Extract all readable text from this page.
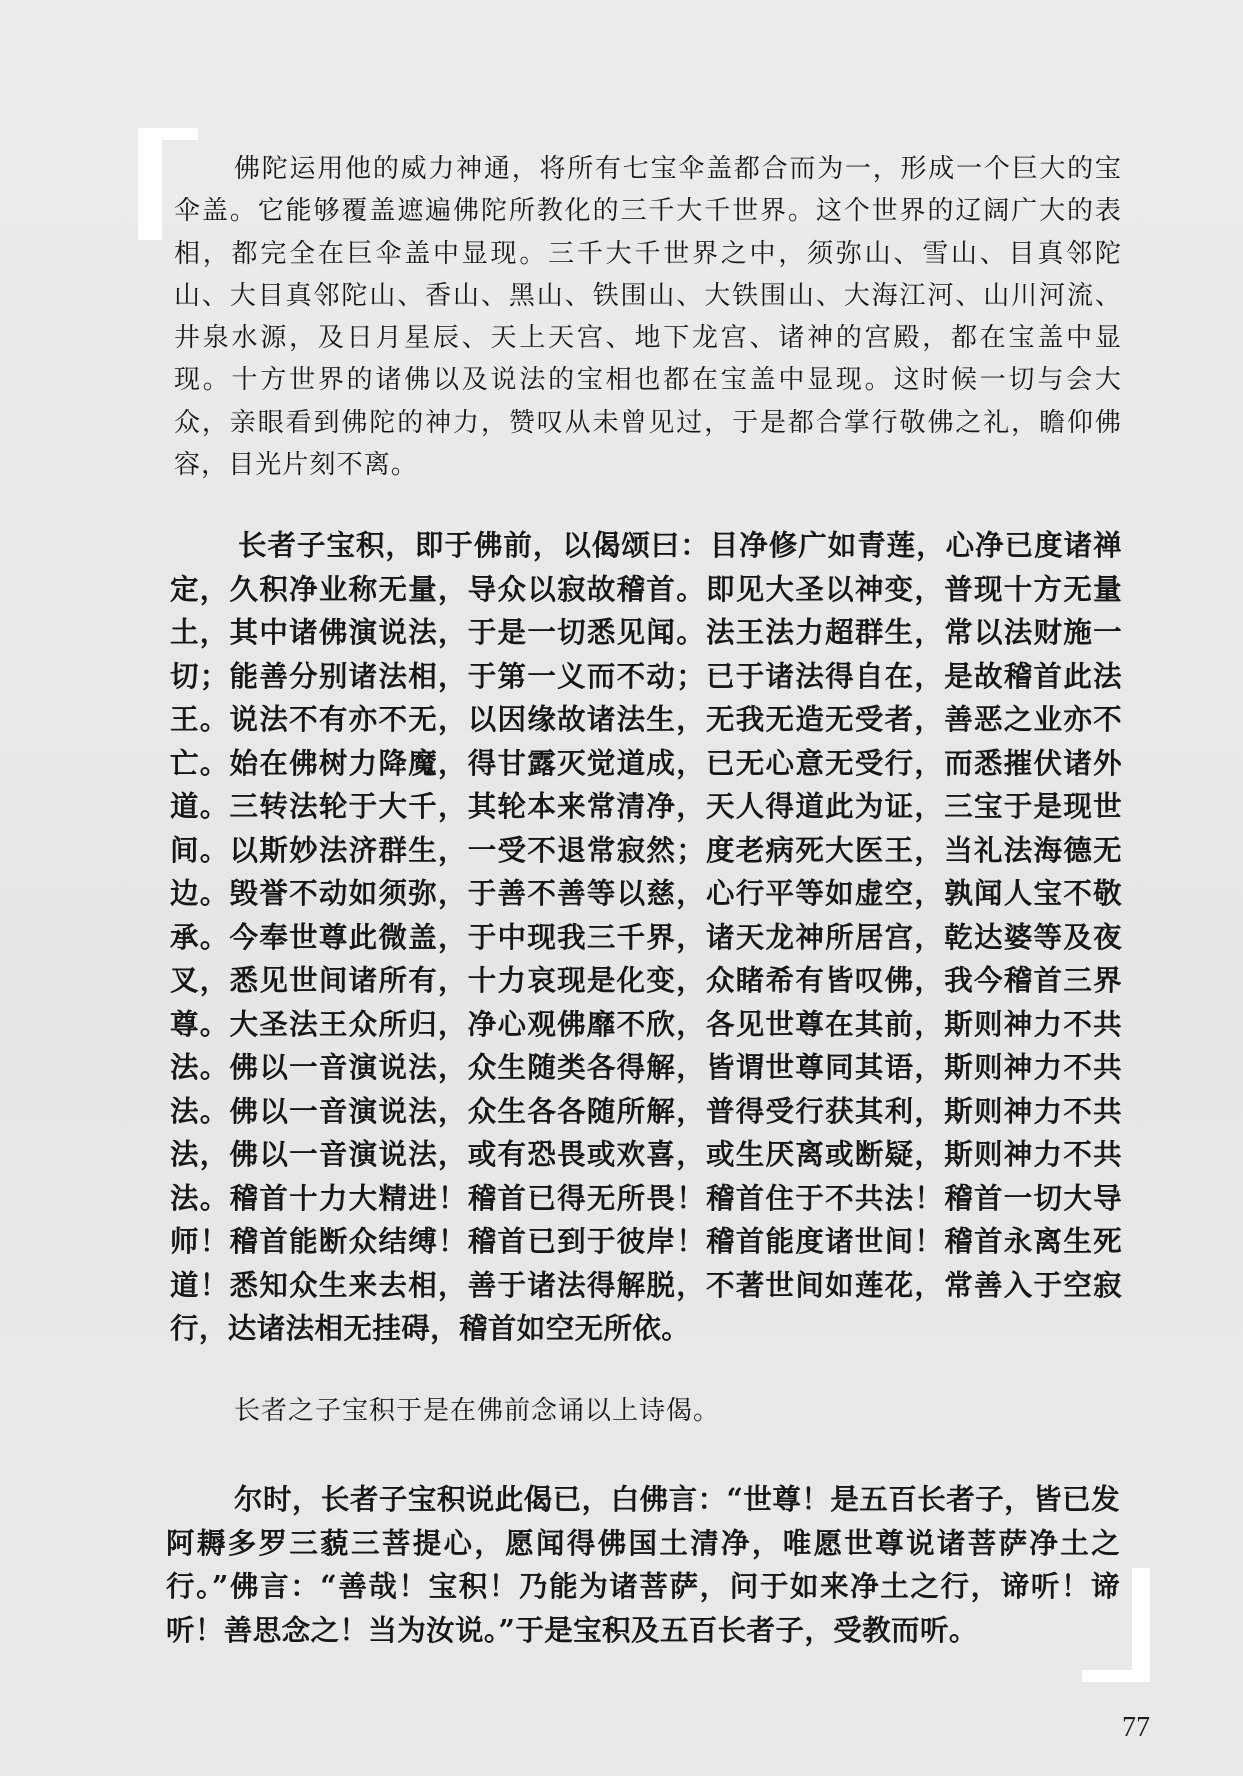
佛陀运用他的威力神通，将所有七宝伞盖都合而为一，形成一个巨大的宝伞盖。它能够覆盖遮遍佛陀所教化的三千大千世界。这个世界的辽阔广大的表相，都完全在巨伞盖中显现。三千大千世界之中，须弥山、雪山、目真邻陀山、大目真邻陀山、香山、黑山、铁围山、大铁围山、大海江河、山川河流、井泉水源，及日月星辰、天上天宫、地下龙宫、诸神的宫殿，都在宝盖中显现。十方世界的诸佛以及说法的宝相也都在宝盖中显现。这时候一切与会大众，亲眼看到佛陀的神力，赞叹从未曾见过，于是都合掌行敬佛之礼，瞻仰佛容，目光片刻不离。

长者子宝积，即于佛前，以偈颂曰：目净修广如青莲，心净已度诸禅定，久积净业称无量，导众以寂故稽首。即见大圣以神变，普现十方无量土，其中诸佛演说法，于是一切悉见闻。法王法力超群生，常以法财施一切；能善分别诸法相，于第一义而不动；已于诸法得自在，是故稽首此法王。说法不有亦不无，以因缘故诸法生，无我无造无受者，善恶之业亦不亡。始在佛树力降魔，得甘露灭觉道成，已无心意无受行，而悉摧伏诸外道。三转法轮于大千，其轮本来常清净，天人得道此为证，三宝于是现世间。以斯妙法济群生，一受不退常寂然；度老病死大医王，当礼法海德无边。毁誉不动如须弥，于善不善等以慈，心行平等如虚空，孰闻人宝不敬承。今奉世尊此微盖，于中现我三千界，诸天龙神所居宫，乾达婆等及夜叉，悉见世间诸所有，十力哀现是化变，众睹希有皆叹佛，我今稽首三界尊。大圣法王众所归，净心观佛靡不欣，各见世尊在其前，斯则神力不共法。佛以一音演说法，众生随类各得解，皆谓世尊同其语，斯则神力不共法。佛以一音演说法，众生各各随所解，普得受行获其利，斯则神力不共法，佛以一音演说法，或有恐畏或欢喜，或生厌离或断疑，斯则神力不共法。稽首十力大精进！稽首已得无所畏！稽首住于不共法！稽首一切大导师！稽首能断众结缚！稽首已到于彼岸！稽首能度诸世间！稽首永离生死道！悉知众生来去相，善于诸法得解脱，不著世间如莲花，常善入于空寂行，达诸法相无挂碍，稽首如空无所依。

长者之子宝积于是在佛前念诵以上诗偈。

尔时，长者子宝积说此偈已，白佛言：“世尊！是五百长者子，皆已发阿耨多罗三藐三菩提心，愿闻得佛国土清净，唯愿世尊说诸菩萨净土之行。”佛言：“善哉！宝积！乃能为诸菩萨，问于如来净土之行，谛听！谛听！善思念之！当为汝说。”于是宝积及五百长者子，受教而听。

77
